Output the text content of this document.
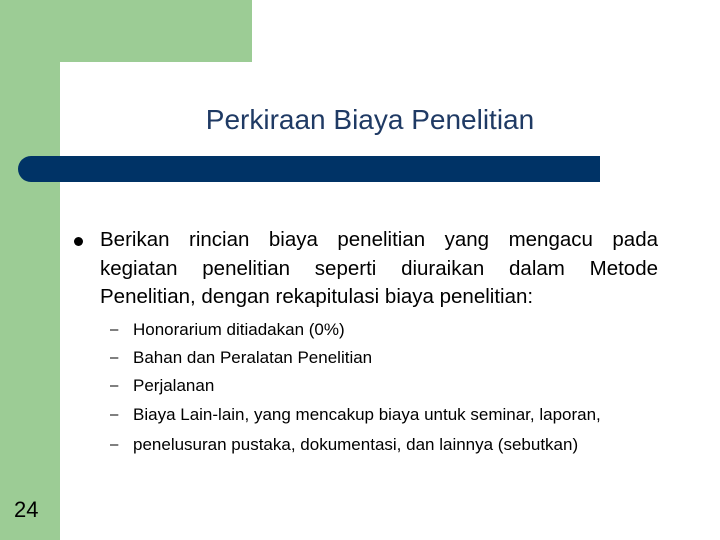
Perkiraan Biaya Penelitian

Berikan rincian biaya penelitian yang mengacu pada kegiatan penelitian seperti diuraikan dalam Metode Penelitian, dengan rekapitulasi biaya penelitian:

– Honorarium ditiadakan (0%)
– Bahan dan Peralatan Penelitian
– Perjalanan
– Biaya Lain-lain, yang mencakup biaya untuk seminar, laporan,
– penelusuran pustaka, dokumentasi, dan lainnya (sebutkan)
24
